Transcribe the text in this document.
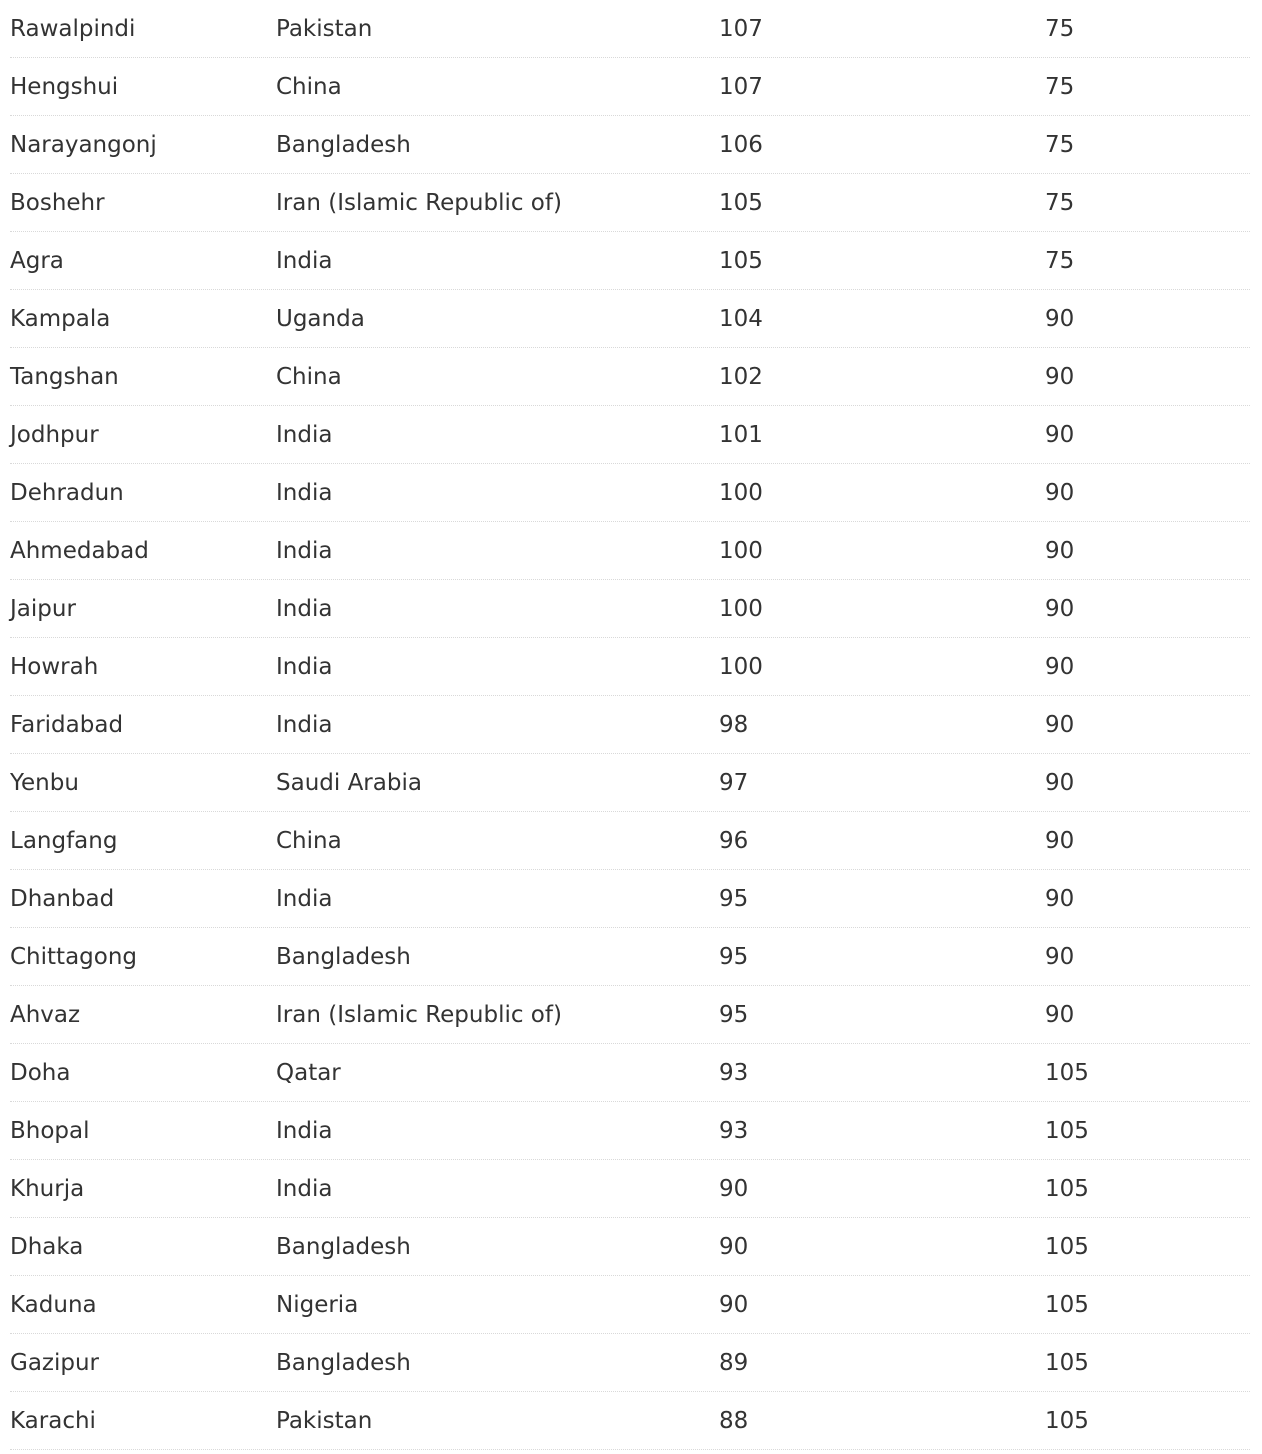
Rawalpindi	Pakistan	107	75
Hengshui	China	107	75
Narayangonj	Bangladesh	106	75
Boshehr	Iran (Islamic Republic of)	105	75
Agra	India	105	75
Kampala	Uganda	104	90
Tangshan	China	102	90
Jodhpur	India	101	90
Dehradun	India	100	90
Ahmedabad	India	100	90
Jaipur	India	100	90
Howrah	India	100	90
Faridabad	India	98	90
Yenbu	Saudi Arabia	97	90
Langfang	China	96	90
Dhanbad	India	95	90
Chittagong	Bangladesh	95	90
Ahvaz	Iran (Islamic Republic of)	95	90
Doha	Qatar	93	105
Bhopal	India	93	105
Khurja	India	90	105
Dhaka	Bangladesh	90	105
Kaduna	Nigeria	90	105
Gazipur	Bangladesh	89	105
Karachi	Pakistan	88	105
